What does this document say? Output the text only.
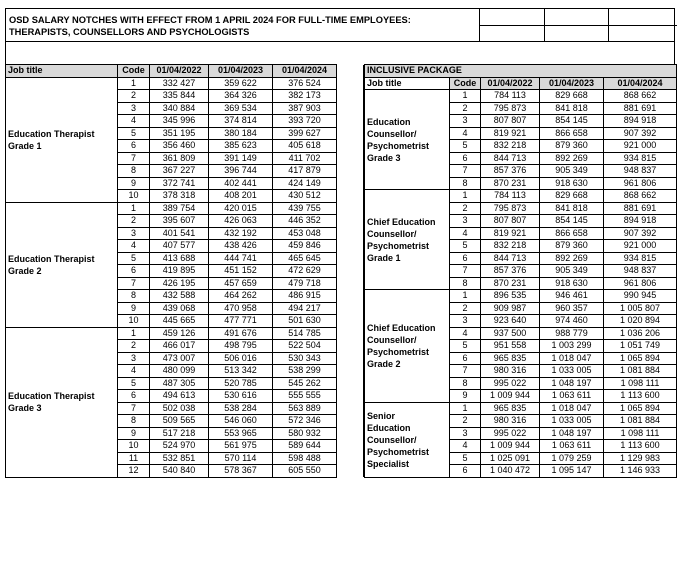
OSD SALARY NOTCHES WITH EFFECT FROM 1 APRIL 2024 FOR FULL-TIME EMPLOYEES:
THERAPISTS, COUNSELLORS AND PSYCHOLOGISTS
Job title	Code	01/04/2022	01/04/2023	01/04/2024	
Education Therapist
Grade 1	1	332 427	359 622	376 524	
	2	335 844	364 326	382 173	
	3	340 884	369 534	387 903	
	4	345 996	374 814	393 720	
	5	351 195	380 184	399 627	
	6	356 460	385 623	405 618	
	7	361 809	391 149	411 702	
	8	367 227	396 744	417 879	
	9	372 741	402 441	424 149	
	10	378 318	408 201	430 512	
Education Therapist
Grade 2	1	389 754	420 015	439 755	
	2	395 607	426 063	446 352	
	3	401 541	432 192	453 048	
	4	407 577	438 426	459 846	
	5	413 688	444 741	465 645	
	6	419 895	451 152	472 629	
	7	426 195	457 659	479 718	
	8	432 588	464 262	486 915	
	9	439 068	470 958	494 217	
	10	445 665	477 771	501 630	
Education Therapist
Grade 3	1	459 126	491 676	514 785	
	2	466 017	498 795	522 504	
	3	473 007	506 016	530 343	
	4	480 099	513 342	538 299	
	5	487 305	520 785	545 262	
	6	494 613	530 616	555 555	
	7	502 038	538 284	563 889	
	8	509 565	546 060	572 346	
	9	517 218	553 965	580 932	
	10	524 970	561 975	589 644	
	11	532 851	570 114	598 488	
	12	540 840	578 367	605 550	
INCLUSIVE PACKAGE				
Job title	Code	01/04/2022	01/04/2023	01/04/2024
Education
Counsellor/
Psychometrist
Grade 3	1	784 113	829 668	868 662
	2	795 873	841 818	881 691
	3	807 807	854 145	894 918
	4	819 921	866 658	907 392
	5	832 218	879 360	921 000
	6	844 713	892 269	934 815
	7	857 376	905 349	948 837
	8	870 231	918 630	961 806
Chief Education
Counsellor/
Psychometrist
Grade 1	1	784 113	829 668	868 662
	2	795 873	841 818	881 691
	3	807 807	854 145	894 918
	4	819 921	866 658	907 392
	5	832 218	879 360	921 000
	6	844 713	892 269	934 815
	7	857 376	905 349	948 837
	8	870 231	918 630	961 806
Chief Education
Counsellor/
Psychometrist
Grade 2	1	896 535	946 461	990 945
	2	909 987	960 357	1 005 807
	3	923 640	974 460	1 020 894
	4	937 500	988 779	1 036 206
	5	951 558	1 003 299	1 051 749
	6	965 835	1 018 047	1 065 894
	7	980 316	1 033 005	1 081 884
	8	995 022	1 048 197	1 098 111
	9	1 009 944	1 063 611	1 113 600
Senior
Education
Counsellor/
Psychometrist
Specialist	1	965 835	1 018 047	1 065 894
	2	980 316	1 033 005	1 081 884
	3	995 022	1 048 197	1 098 111
	4	1 009 944	1 063 611	1 113 600
	5	1 025 091	1 079 259	1 129 983
	6	1 040 472	1 095 147	1 146 933
